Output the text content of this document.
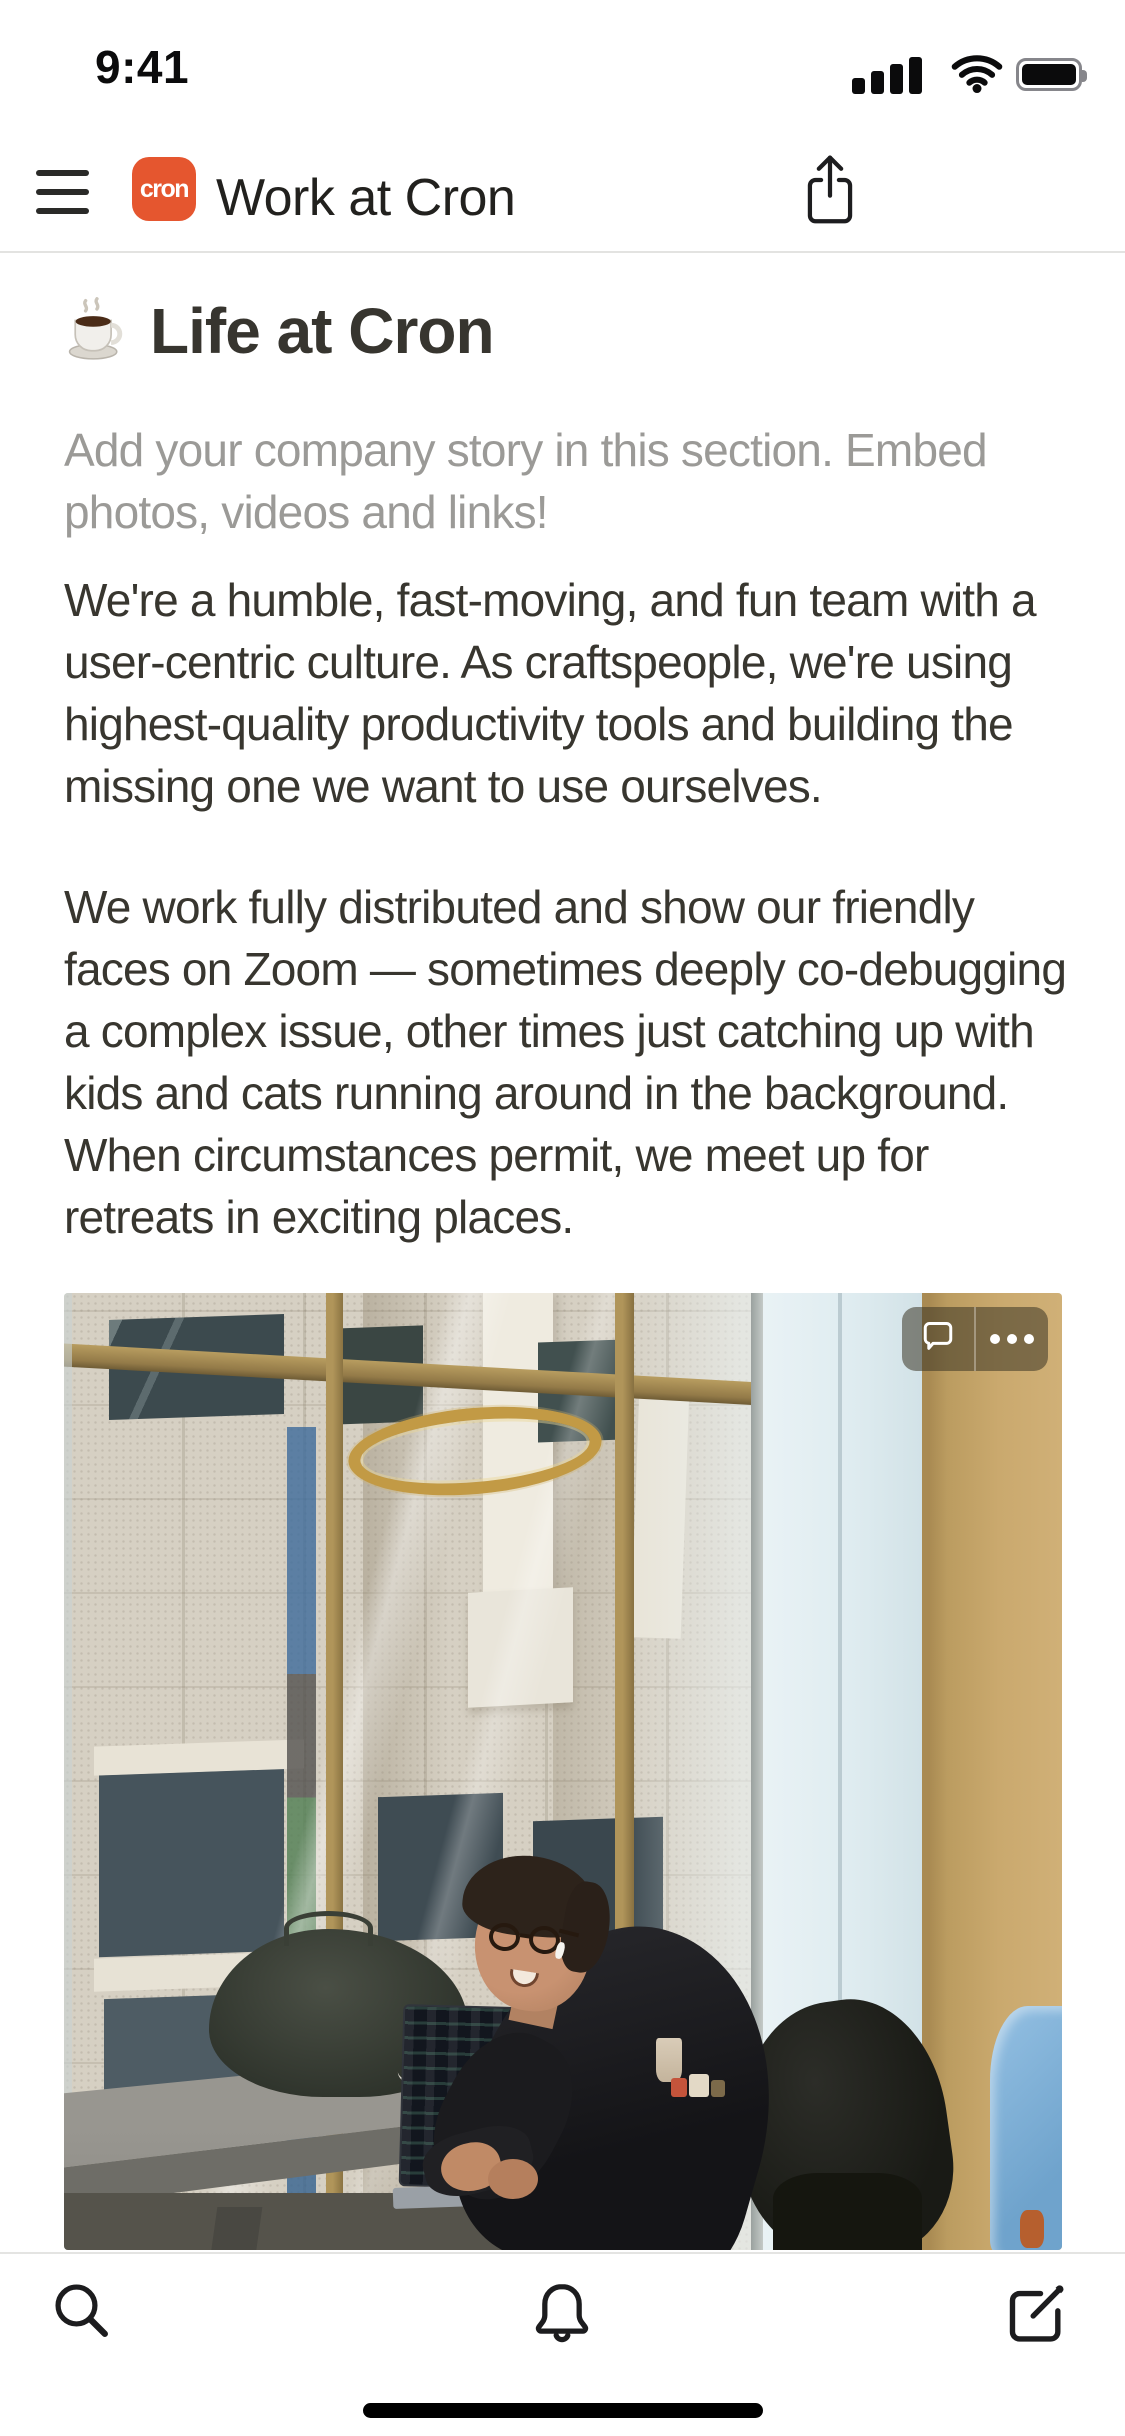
9:41
cron Work at Cron
Life at Cron

Add your company story in this section. Embed photos, videos and links!

We're a humble, fast-moving, and fun team with a user-centric culture. As craftspeople, we're using highest-quality productivity tools and building the missing one we want to use ourselves.

We work fully distributed and show our friendly faces on Zoom — sometimes deeply co-debugging a complex issue, other times just catching up with kids and cats running around in the background. When circumstances permit, we meet up for retreats in exciting places.
